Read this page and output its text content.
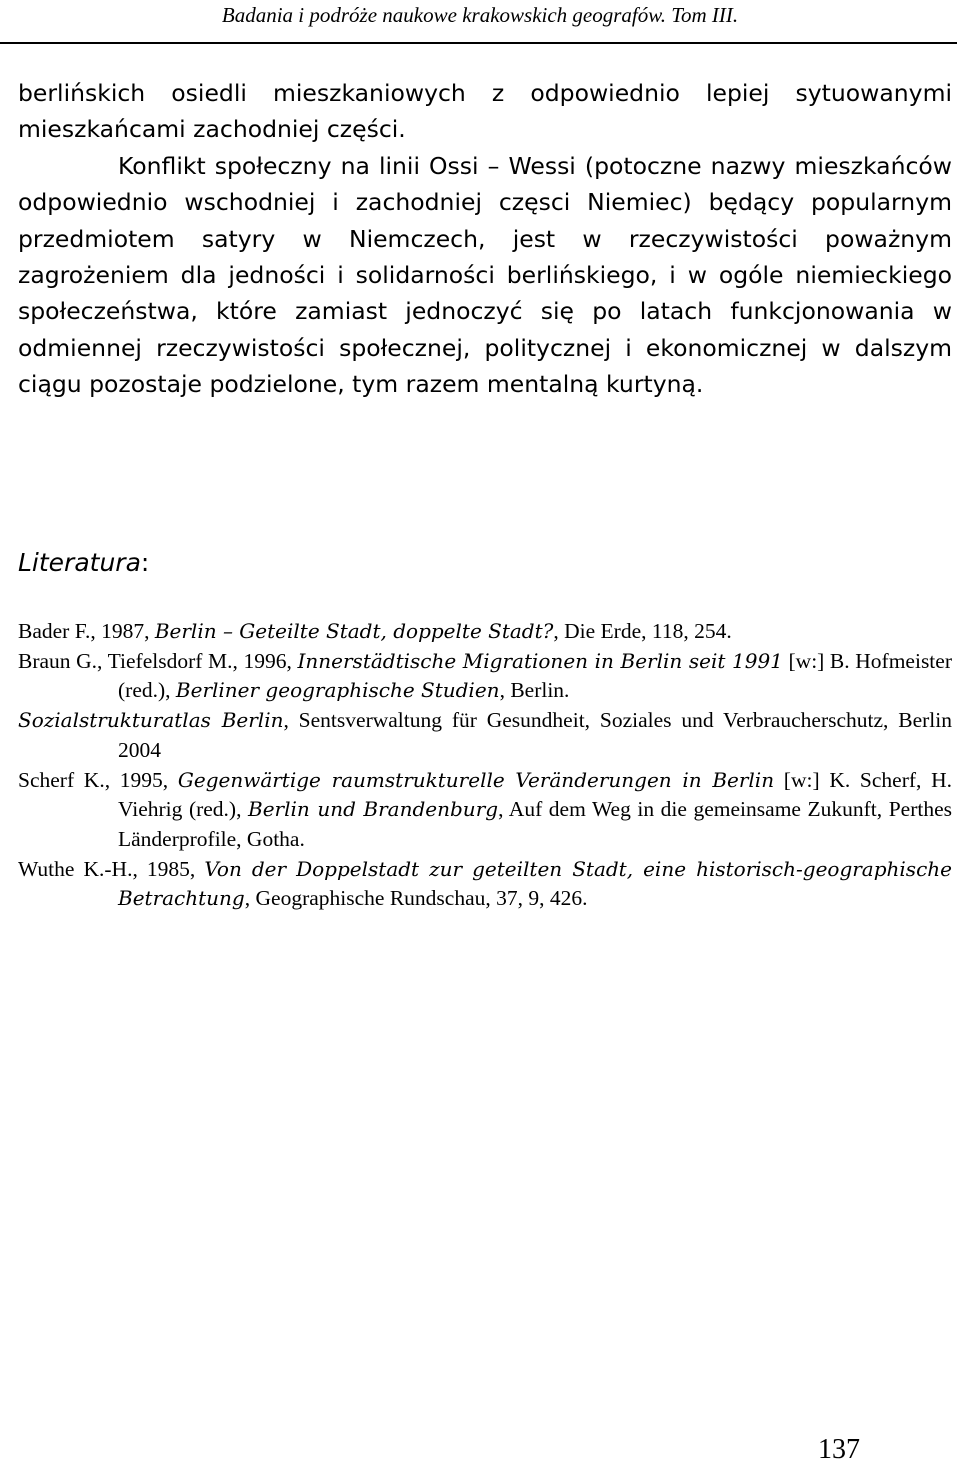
Badania i podróże naukowe krakowskich geografów. Tom III.

berlińskich osiedli mieszkaniowych z odpowiednio lepiej sytuowanymi mieszkańcami zachodniej części.

Konflikt społeczny na linii Ossi – Wessi (potoczne nazwy mieszkańców odpowiednio wschodniej i zachodniej częsci Niemiec) będący popularnym przedmiotem satyry w Niemczech, jest w rzeczywistości poważnym zagrożeniem dla jedności i solidarności berlińskiego, i w ogóle niemieckiego społeczeństwa, które zamiast jednoczyć się po latach funkcjonowania w odmiennej rzeczywistości społecznej, politycznej i ekonomicznej w dalszym ciągu pozostaje podzielone, tym razem mentalną kurtyną.

Literatura:

Bader F., 1987, Berlin – Geteilte Stadt, doppelte Stadt?, Die Erde, 118, 254.

Braun G., Tiefelsdorf M., 1996, Innerstädtische Migrationen in Berlin seit 1991 [w:] B. Hofmeister (red.), Berliner geographische Studien, Berlin.

Sozialstrukturatlas Berlin, Sentsverwaltung für Gesundheit, Soziales und Verbraucherschutz, Berlin 2004

Scherf K., 1995, Gegenwärtige raumstrukturelle Veränderungen in Berlin [w:] K. Scherf, H. Viehrig (red.), Berlin und Brandenburg, Auf dem Weg in die gemeinsame Zukunft, Perthes Länderprofile, Gotha.

Wuthe K.-H., 1985, Von der Doppelstadt zur geteilten Stadt, eine historisch-geographische Betrachtung, Geographische Rundschau, 37, 9, 426.

137
